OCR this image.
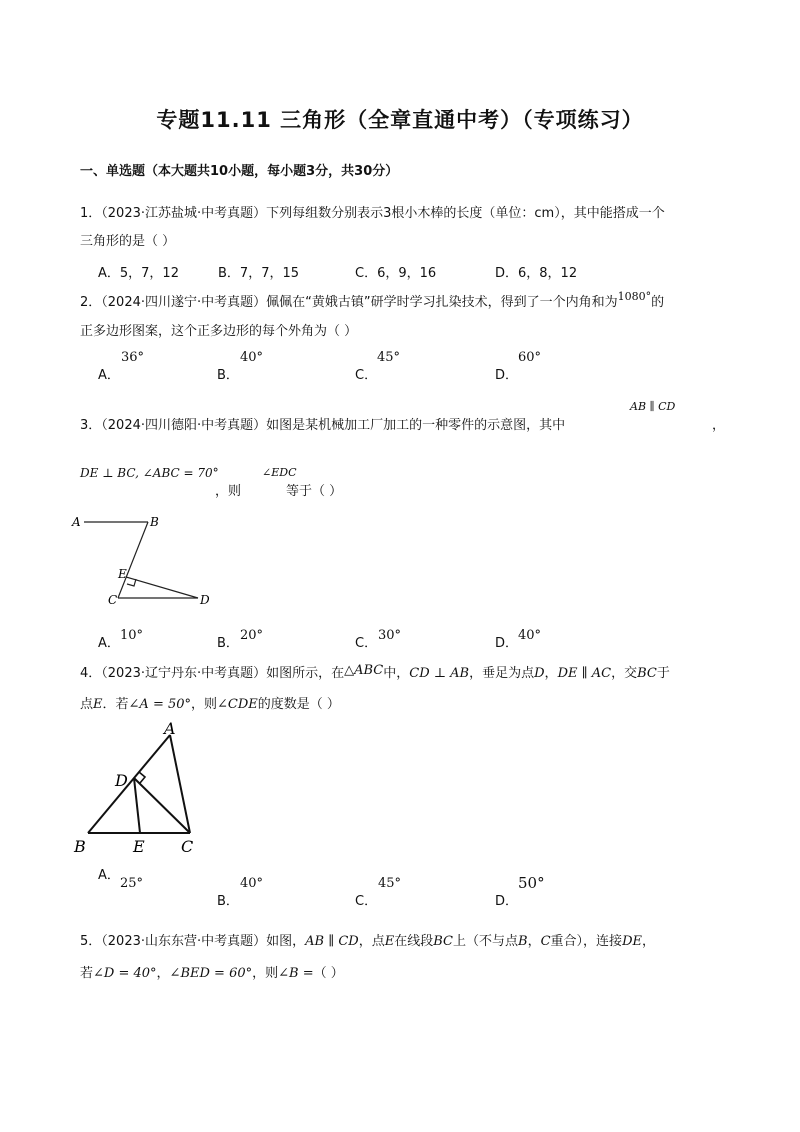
专题11.11 三角形（全章直通中考）（专项练习）
一、单选题（本大题共10小题，每小题3分，共30分）
1．（2023·江苏盐城·中考真题）下列每组数分别表示3根小木棒的长度（单位：cm），其中能搭成一个
三角形的是（ ）
A．5，7，12	B．7，7，15	C．6，9，16	D．6，8，12
2．（2024·四川遂宁·中考真题）佩佩在“黄娥古镇”研学时学习扎染技术，得到了一个内角和为$^{1080^\circ}$的
正多边形图案，这个正多边形的每个外角为（ ）
36°
A．
40°
B．
45°
C．
60°
D．
3．（2024·四川德阳·中考真题）如图是某机械加工厂加工的一种零件的示意图，其中
AB ∥ CD
，
DE ⊥ BC, ∠ABC = 70°
，则
∠EDC
等于（ ）
A	B
E
C	D
A．
10°
B．
20°
C．
30°
D．
40°
4．（2023·辽宁丹东·中考真题）如图所示，在△ABC中，CD ⊥ AB，垂足为点D，DE ∥ AC，交BC于
点E．若∠A = 50°，则∠CDE的度数是（ ）
A
D
B	E C
A．
25°
B．
40°
C．
45°
D．
50°
5．（2023·山东东营·中考真题）如图，AB ∥ CD，点E在线段BC上（不与点B，C重合），连接DE，
若∠D = 40°，∠BED = 60°，则∠B =（ ）
